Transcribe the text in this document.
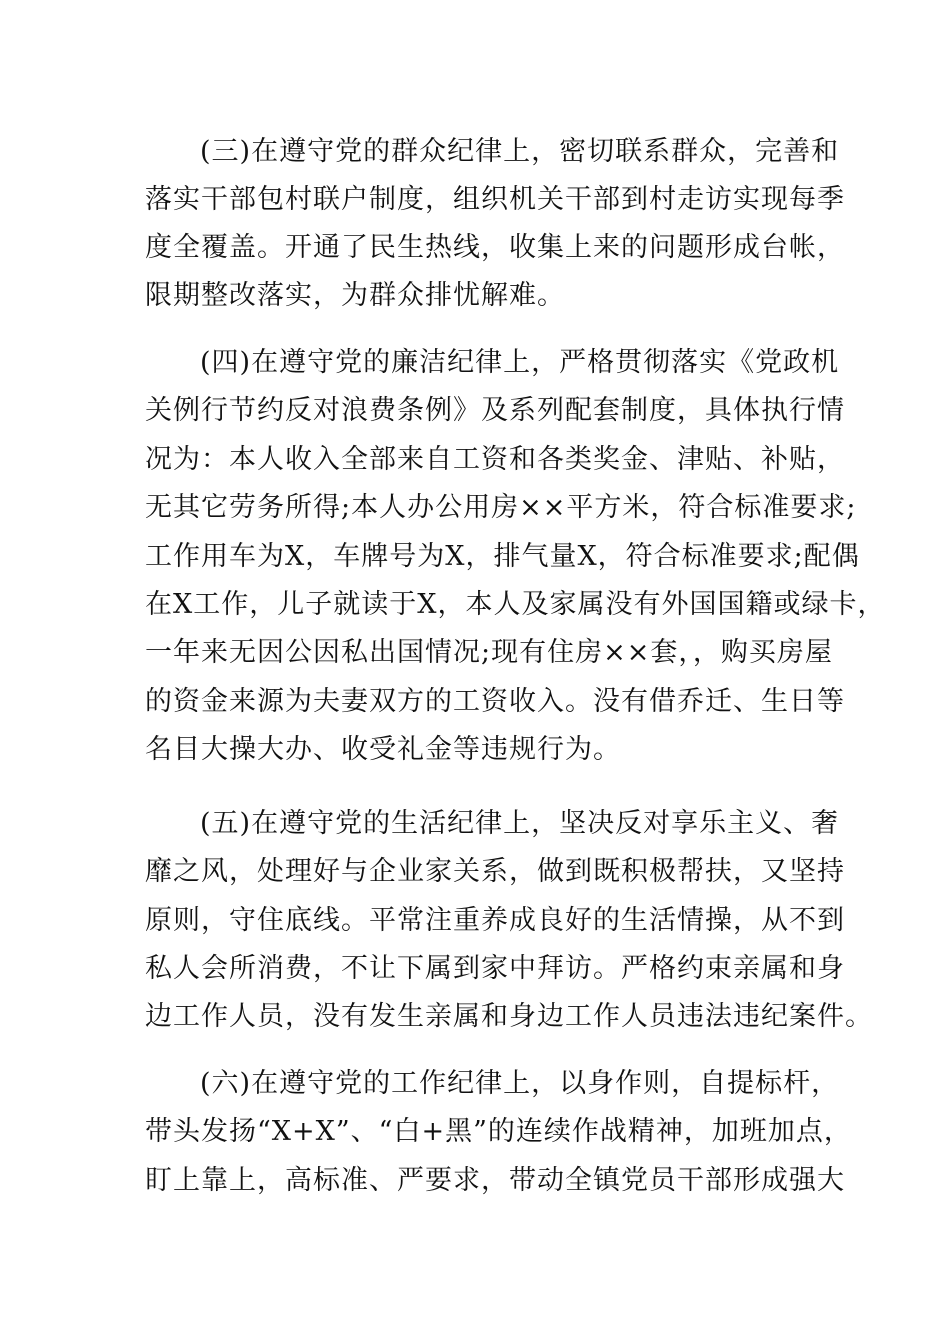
(三)在遵守党的群众纪律上，密切联系群众，完善和
落实干部包村联户制度，组织机关干部到村走访实现每季
度全覆盖。开通了民生热线，收集上来的问题形成台帐，
限期整改落实，为群众排忧解难。
(四)在遵守党的廉洁纪律上，严格贯彻落实《党政机
关例行节约反对浪费条例》及系列配套制度，具体执行情
况为：本人收入全部来自工资和各类奖金、津贴、补贴，
无其它劳务所得;本人办公用房××平方米，符合标准要求;
工作用车为X，车牌号为X，排气量X，符合标准要求;配偶
在X工作，儿子就读于X，本人及家属没有外国国籍或绿卡，
一年来无因公因私出国情况;现有住房××套，，购买房屋
的资金来源为夫妻双方的工资收入。没有借乔迁、生日等
名目大操大办、收受礼金等违规行为。
(五)在遵守党的生活纪律上，坚决反对享乐主义、奢
靡之风，处理好与企业家关系，做到既积极帮扶，又坚持
原则，守住底线。平常注重养成良好的生活情操，从不到
私人会所消费，不让下属到家中拜访。严格约束亲属和身
边工作人员，没有发生亲属和身边工作人员违法违纪案件。
(六)在遵守党的工作纪律上，以身作则，自提标杆，
带头发扬“X+X”、“白+黑”的连续作战精神，加班加点，
盯上靠上，高标准、严要求，带动全镇党员干部形成强大
